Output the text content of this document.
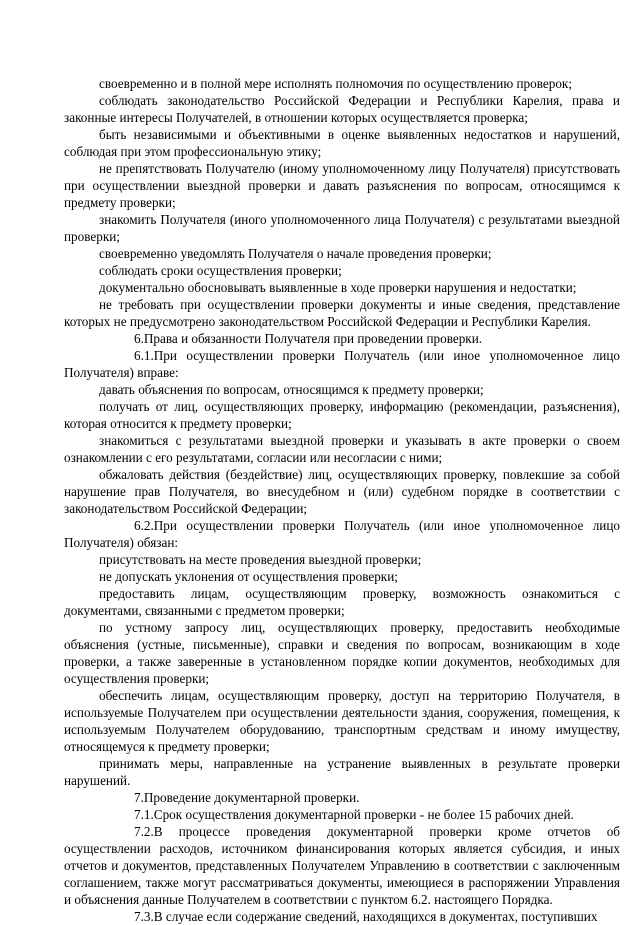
своевременно и в полной мере исполнять полномочия по осуществлению проверок;

соблюдать законодательство Российской Федерации и Республики Карелия, права и законные интересы Получателей, в отношении которых осуществляется проверка;

быть независимыми и объективными в оценке выявленных недостатков и нарушений, соблюдая при этом профессиональную этику;

не препятствовать Получателю (иному уполномоченному лицу Получателя) присутствовать при осуществлении выездной проверки и давать разъяснения по вопросам, относящимся к предмету проверки;

знакомить Получателя (иного уполномоченного лица Получателя) с результатами выездной проверки;

своевременно уведомлять Получателя о начале проведения проверки;

соблюдать сроки осуществления проверки;

документально обосновывать выявленные в ходе проверки нарушения и недостатки;

не требовать при осуществлении проверки документы и иные сведения, представление которых не предусмотрено законодательством Российской Федерации и Республики Карелия.

6.Права и обязанности Получателя при проведении проверки.

6.1.При осуществлении проверки Получатель (или иное уполномоченное лицо Получателя) вправе:

давать объяснения по вопросам, относящимся к предмету проверки;

получать от лиц, осуществляющих проверку, информацию (рекомендации, разъяснения), которая относится к предмету проверки;

знакомиться с результатами выездной проверки и указывать в акте проверки о своем ознакомлении с его результатами, согласии или несогласии с ними;

обжаловать действия (бездействие) лиц, осуществляющих проверку, повлекшие за собой нарушение прав Получателя, во внесудебном и (или) судебном порядке в соответствии с законодательством Российской Федерации;

6.2.При осуществлении проверки Получатель (или иное уполномоченное лицо Получателя) обязан:

присутствовать на месте проведения выездной проверки;

не допускать уклонения от осуществления проверки;

предоставить лицам, осуществляющим проверку, возможность ознакомиться с документами, связанными с предметом проверки;

по устному запросу лиц, осуществляющих проверку, предоставить необходимые объяснения (устные, письменные), справки и сведения по вопросам, возникающим в ходе проверки, а также заверенные в установленном порядке копии документов, необходимых для осуществления проверки;

обеспечить лицам, осуществляющим проверку, доступ на территорию Получателя, в используемые Получателем при осуществлении деятельности здания, сооружения, помещения, к используемым Получателем оборудованию, транспортным средствам и иному имуществу, относящемуся к предмету проверки;

принимать меры, направленные на устранение выявленных в результате проверки нарушений.

7.Проведение документарной проверки.

7.1.Срок осуществления документарной проверки - не более 15 рабочих дней.

7.2.В процессе проведения документарной проверки кроме отчетов об осуществлении расходов, источником финансирования которых является субсидия, и иных отчетов и документов, представленных Получателем Управлению в соответствии с заключенным соглашением, также могут рассматриваться документы, имеющиеся в распоряжении Управления и объяснения данные Получателем в соответствии с пунктом 6.2. настоящего Порядка.

7.3.В случае если содержание сведений, находящихся в документах, поступивших
